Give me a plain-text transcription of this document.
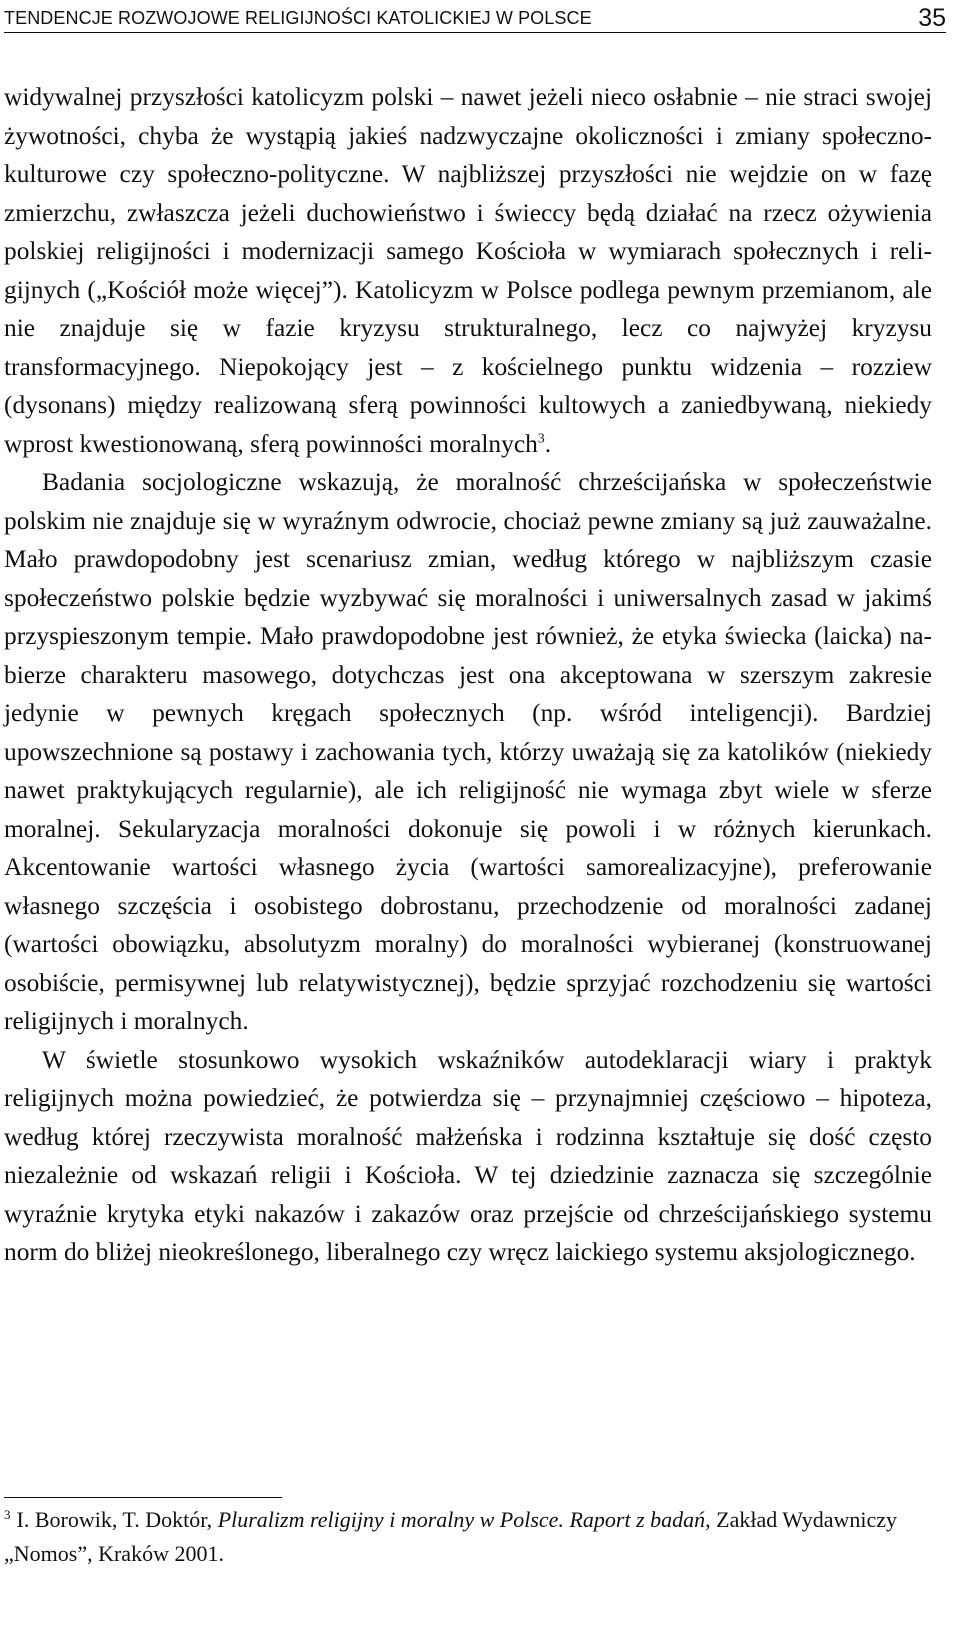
TENDENCJE ROZWOJOWE RELIGIJNOŚCI KATOLICKIEJ W POLSCE	35

widywalnej przyszłości katolicyzm polski – nawet jeżeli nieco osłabnie – nie straci swojej żywotności, chyba że wystąpią jakieś nadzwyczajne okoliczności i zmiany społeczno-kulturowe czy społeczno-polityczne. W najbliższej przyszłości nie wejdzie on w fazę zmierzchu, zwłaszcza jeżeli duchowieństwo i świeccy będą działać na rzecz ożywienia polskiej religijności i modernizacji samego Kościoła w wymiarach społecznych i religijnych („Kościół może więcej”). Katolicyzm w Polsce podlega pewnym przemianom, ale nie znajduje się w fazie kryzysu strukturalnego, lecz co najwyżej kryzysu transformacyjnego. Niepokojący jest – z kościelnego punktu widzenia – rozziew (dysonans) między realizowaną sferą powinności kultowych a zaniedbywaną, niekiedy wprost kwestionowaną, sferą powinności moralnych$^3$.

Badania socjologiczne wskazują, że moralność chrześcijańska w społeczeństwie polskim nie znajduje się w wyraźnym odwrocie, chociaż pewne zmiany są już zauważalne. Mało prawdopodobny jest scenariusz zmian, według którego w najbliższym czasie społeczeństwo polskie będzie wyzbywać się moralności i uniwersalnych zasad w jakimś przyspieszonym tempie. Mało prawdopodobne jest również, że etyka świecka (laicka) nabierze charakteru masowego, dotychczas jest ona akceptowana w szerszym zakresie jedynie w pewnych kręgach społecznych (np. wśród inteligencji). Bardziej upowszechnione są postawy i zachowania tych, którzy uważają się za katolików (niekiedy nawet praktykujących regularnie), ale ich religijność nie wymaga zbyt wiele w sferze moralnej. Sekularyzacja moralności dokonuje się powoli i w różnych kierunkach. Akcentowanie wartości własnego życia (wartości samorealizacyjne), preferowanie własnego szczęścia i osobistego dobrostanu, przechodzenie od moralności zadanej (wartości obowiązku, absolutyzm moralny) do moralności wybieranej (konstruowanej osobiście, permisywnej lub relatywistycznej), będzie sprzyjać rozchodzeniu się wartości religijnych i moralnych.

W świetle stosunkowo wysokich wskaźników autodeklaracji wiary i praktyk religijnych można powiedzieć, że potwierdza się – przynajmniej częściowo – hipoteza, według której rzeczywista moralność małżeńska i rodzinna kształtuje się dość często niezależnie od wskazań religii i Kościoła. W tej dziedzinie zaznacza się szczególnie wyraźnie krytyka etyki nakazów i zakazów oraz przejście od chrześcijańskiego systemu norm do bliżej nieokreślonego, liberalnego czy wręcz laickiego systemu aksjologicznego.

$^3$ I. Borowik, T. Doktór, Pluralizm religijny i moralny w Polsce. Raport z badań, Zakład Wydawniczy „Nomos”, Kraków 2001.
